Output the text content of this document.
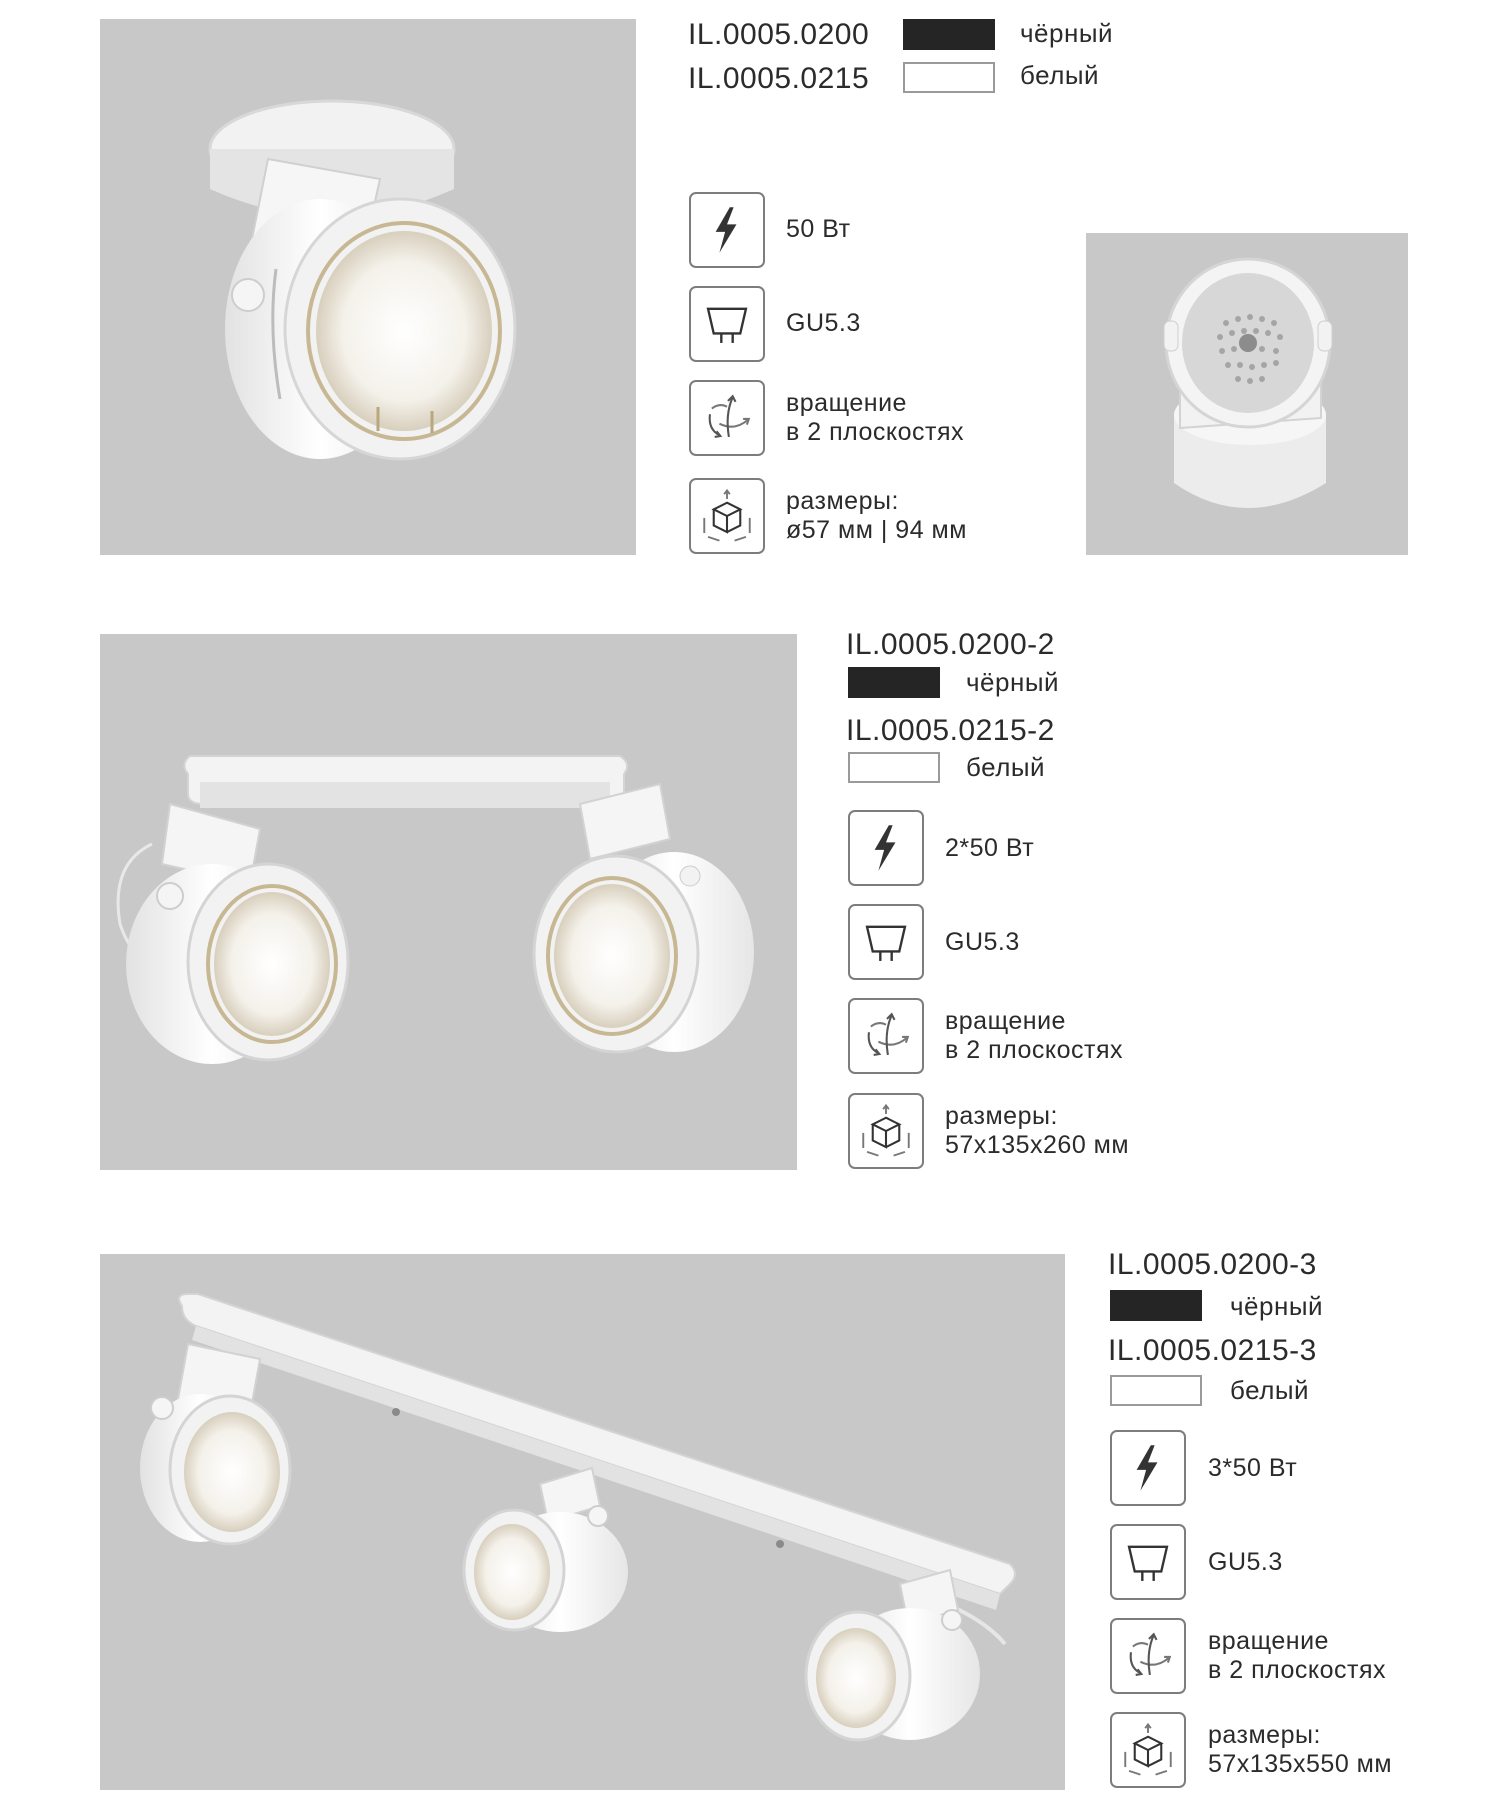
IL.0005.0200	чёрный
IL.0005.0215	белый
50 Вт
GU5.3
вращение
в 2 плоскостях
размеры:
ø57 мм | 94 мм
IL.0005.0200-2
чёрный
IL.0005.0215-2
белый
2*50 Вт
GU5.3
вращение
в 2 плоскостях
размеры:
57х135х260 мм
IL.0005.0200-3
чёрный
IL.0005.0215-3
белый
3*50 Вт
GU5.3
вращение
в 2 плоскостях
размеры:
57х135х550 мм
